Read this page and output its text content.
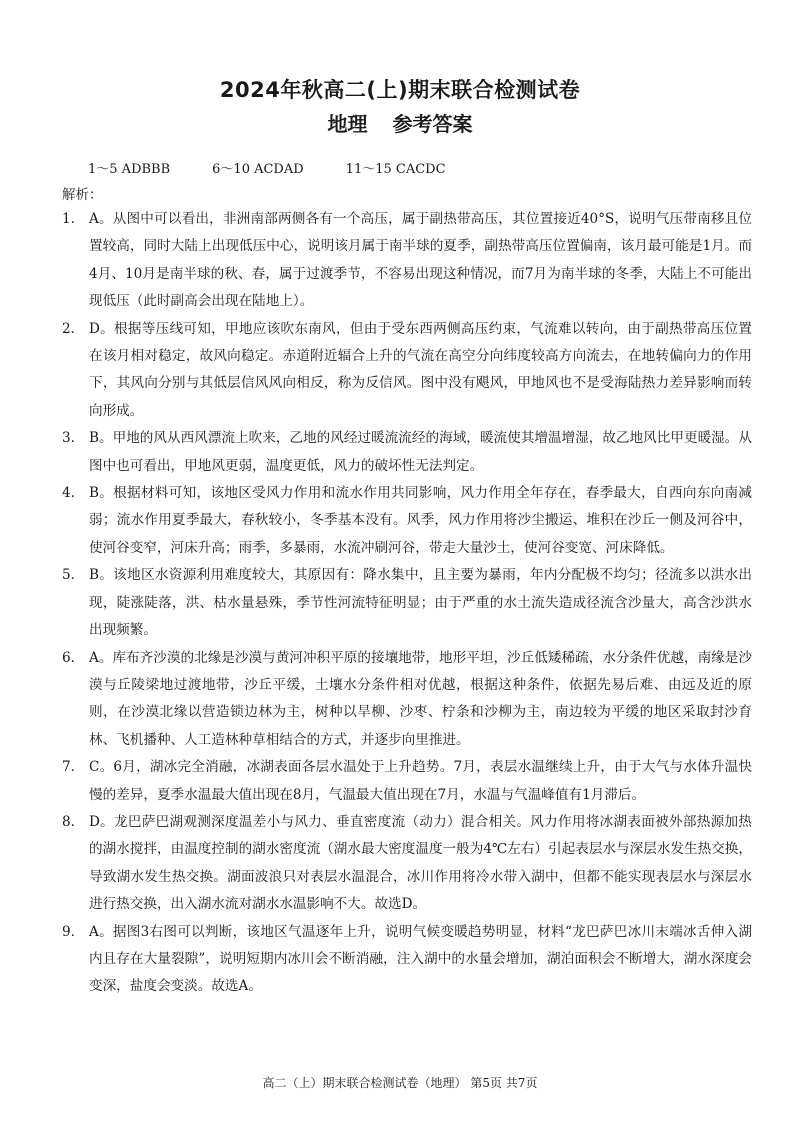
2024年秋高二(上)期末联合检测试卷
地理 参考答案
1～5 ADBBB	6～10 ACDAD	11～15 CACDC
解析：
1.	A。从图中可以看出，非洲南部两侧各有一个高压，属于副热带高压，其位置接近40°S，说明气压带南移且位置较高，同时大陆上出现低压中心，说明该月属于南半球的夏季，副热带高压位置偏南，该月最可能是1月。而4月、10月是南半球的秋、春，属于过渡季节，不容易出现这种情况，而7月为南半球的冬季，大陆上不可能出现低压（此时副高会出现在陆地上）。
2.	D。根据等压线可知，甲地应该吹东南风，但由于受东西两侧高压约束，气流难以转向，由于副热带高压位置在该月相对稳定，故风向稳定。赤道附近辐合上升的气流在高空分向纬度较高方向流去，在地转偏向力的作用下，其风向分别与其低层信风风向相反，称为反信风。图中没有飓风，甲地风也不是受海陆热力差异影响而转向形成。
3.	B。甲地的风从西风漂流上吹来，乙地的风经过暖流流经的海域，暖流使其增温增湿，故乙地风比甲更暖湿。从图中也可看出，甲地风更弱，温度更低，风力的破坏性无法判定。
4.	B。根据材料可知，该地区受风力作用和流水作用共同影响，风力作用全年存在，春季最大，自西向东向南减弱；流水作用夏季最大，春秋较小，冬季基本没有。风季，风力作用将沙尘搬运、堆积在沙丘一侧及河谷中，使河谷变窄，河床升高；雨季，多暴雨，水流冲刷河谷，带走大量沙土，使河谷变宽、河床降低。
5.	B。该地区水资源利用难度较大，其原因有：降水集中，且主要为暴雨，年内分配极不均匀；径流多以洪水出现，陡涨陡落，洪、枯水量悬殊，季节性河流特征明显；由于严重的水土流失造成径流含沙量大，高含沙洪水出现频繁。
6.	A。库布齐沙漠的北缘是沙漠与黄河冲积平原的接壤地带，地形平坦，沙丘低矮稀疏，水分条件优越，南缘是沙漠与丘陵梁地过渡地带，沙丘平缓，土壤水分条件相对优越，根据这种条件，依据先易后难、由远及近的原则，在沙漠北缘以营造锁边林为主，树种以旱柳、沙枣、柠条和沙柳为主，南边较为平缓的地区采取封沙育林、飞机播种、人工造林种草相结合的方式，并逐步向里推进。
7.	C。6月，湖冰完全消融，冰湖表面各层水温处于上升趋势。7月，表层水温继续上升，由于大气与水体升温快慢的差异，夏季水温最大值出现在8月，气温最大值出现在7月，水温与气温峰值有1月滞后。
8.	D。龙巴萨巴湖观测深度温差小与风力、垂直密度流（动力）混合相关。风力作用将冰湖表面被外部热源加热的湖水搅拌，由温度控制的湖水密度流（湖水最大密度温度一般为4℃左右）引起表层水与深层水发生热交换，导致湖水发生热交换。湖面波浪只对表层水温混合，冰川作用将冷水带入湖中，但都不能实现表层水与深层水进行热交换，出入湖水流对湖水水温影响不大。故选D。
9.	A。据图3右图可以判断，该地区气温逐年上升，说明气候变暖趋势明显，材料“龙巴萨巴冰川末端冰舌伸入湖内且存在大量裂隙”，说明短期内冰川会不断消融，注入湖中的水量会增加，湖泊面积会不断增大，湖水深度会变深，盐度会变淡。故选A。
高二（上）期末联合检测试卷（地理） 第5页 共7页
